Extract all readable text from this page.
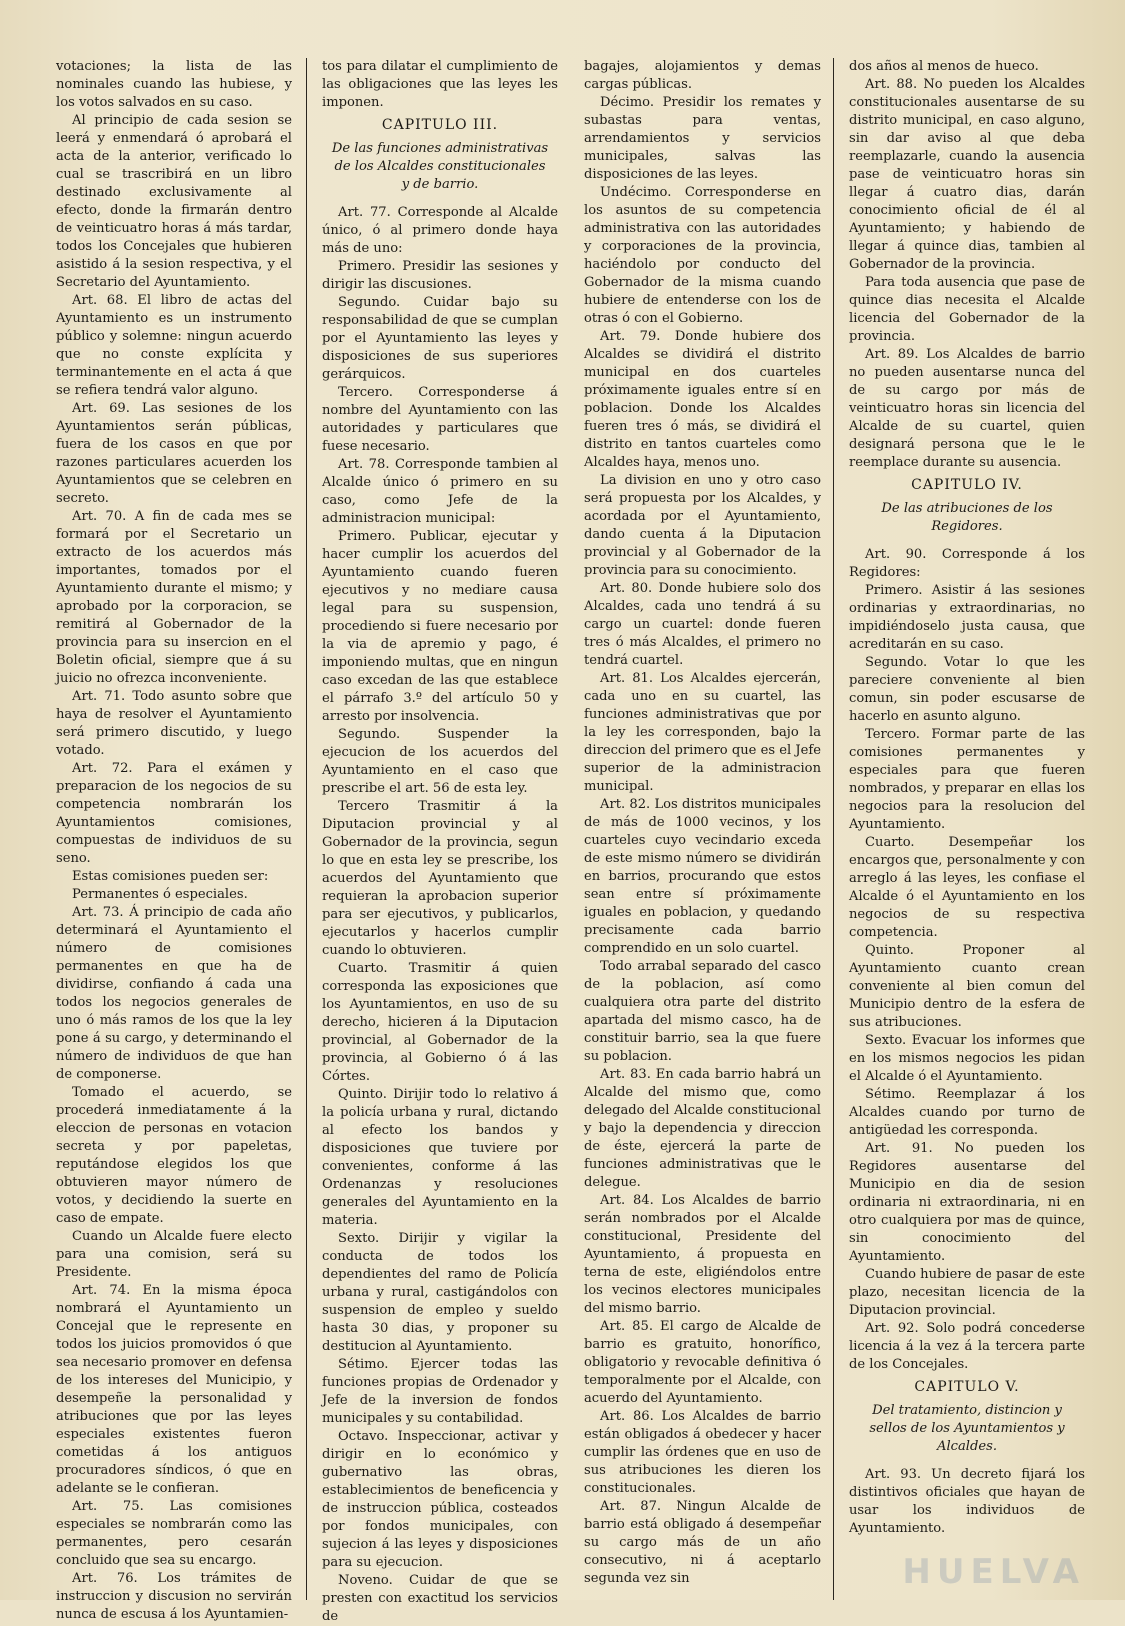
votaciones; la lista de las nominales cuando las hubiese, y los votos salvados en su caso.

Al principio de cada sesion se leerá y enmendará ó aprobará el acta de la anterior, verificado lo cual se trascribirá en un libro destinado exclusivamente al efecto, donde la firmarán dentro de veinticuatro horas á más tardar, todos los Concejales que hubieren asistido á la sesion respectiva, y el Secretario del Ayuntamiento.

Art. 68. El libro de actas del Ayuntamiento es un instrumento público y solemne: ningun acuerdo que no conste explícita y terminantemente en el acta á que se refiera tendrá valor alguno.

Art. 69. Las sesiones de los Ayuntamientos serán públicas, fuera de los casos en que por razones particulares acuerden los Ayuntamientos que se celebren en secreto.

Art. 70. A fin de cada mes se formará por el Secretario un extracto de los acuerdos más importantes, tomados por el Ayuntamiento durante el mismo; y aprobado por la corporacion, se remitirá al Gobernador de la provincia para su insercion en el Boletin oficial, siempre que á su juicio no ofrezca inconveniente.

Art. 71. Todo asunto sobre que haya de resolver el Ayuntamiento será primero discutido, y luego votado.

Art. 72. Para el exámen y preparacion de los negocios de su competencia nombrarán los Ayuntamientos comisiones, compuestas de individuos de su seno.

Estas comisiones pueden ser:

Permanentes ó especiales.

Art. 73. Á principio de cada año determinará el Ayuntamiento el número de comisiones permanentes en que ha de dividirse, confiando á cada una todos los negocios generales de uno ó más ramos de los que la ley pone á su cargo, y determinando el número de individuos de que han de componerse.

Tomado el acuerdo, se procederá inmediatamente á la eleccion de personas en votacion secreta y por papeletas, reputándose elegidos los que obtuvieren mayor número de votos, y decidiendo la suerte en caso de empate.

Cuando un Alcalde fuere electo para una comision, será su Presidente.

Art. 74. En la misma época nombrará el Ayuntamiento un Concejal que le represente en todos los juicios promovidos ó que sea necesario promover en defensa de los intereses del Municipio, y desempeñe la personalidad y atribuciones que por las leyes especiales existentes fueron cometidas á los antiguos procuradores síndicos, ó que en adelante se le confieran.

Art. 75. Las comisiones especiales se nombrarán como las permanentes, pero cesarán concluido que sea su encargo.

Art. 76. Los trámites de instruccion y discusion no servirán nunca de escusa á los Ayuntamien-

tos para dilatar el cumplimiento de las obligaciones que las leyes les imponen.

CAPITULO III.

De las funciones administrativas de los Alcaldes constitucionales y de barrio.

Art. 77. Corresponde al Alcalde único, ó al primero donde haya más de uno:

Primero. Presidir las sesiones y dirigir las discusiones.

Segundo. Cuidar bajo su responsabilidad de que se cumplan por el Ayuntamiento las leyes y disposiciones de sus superiores gerárquicos.

Tercero. Corresponderse á nombre del Ayuntamiento con las autoridades y particulares que fuese necesario.

Art. 78. Corresponde tambien al Alcalde único ó primero en su caso, como Jefe de la administracion municipal:

Primero. Publicar, ejecutar y hacer cumplir los acuerdos del Ayuntamiento cuando fueren ejecutivos y no mediare causa legal para su suspension, procediendo si fuere necesario por la via de apremio y pago, é imponiendo multas, que en ningun caso excedan de las que establece el párrafo 3.º del artículo 50 y arresto por insolvencia.

Segundo. Suspender la ejecucion de los acuerdos del Ayuntamiento en el caso que prescribe el art. 56 de esta ley.

Tercero Trasmitir á la Diputacion provincial y al Gobernador de la provincia, segun lo que en esta ley se prescribe, los acuerdos del Ayuntamiento que requieran la aprobacion superior para ser ejecutivos, y publicarlos, ejecutarlos y hacerlos cumplir cuando lo obtuvieren.

Cuarto. Trasmitir á quien corresponda las exposiciones que los Ayuntamientos, en uso de su derecho, hicieren á la Diputacion provincial, al Gobernador de la provincia, al Gobierno ó á las Córtes.

Quinto. Dirijir todo lo relativo á la policía urbana y rural, dictando al efecto los bandos y disposiciones que tuviere por convenientes, conforme á las Ordenanzas y resoluciones generales del Ayuntamiento en la materia.

Sexto. Dirijir y vigilar la conducta de todos los dependientes del ramo de Policía urbana y rural, castigándolos con suspension de empleo y sueldo hasta 30 dias, y proponer su destitucion al Ayuntamiento.

Sétimo. Ejercer todas las funciones propias de Ordenador y Jefe de la inversion de fondos municipales y su contabilidad.

Octavo. Inspeccionar, activar y dirigir en lo económico y gubernativo las obras, establecimientos de beneficencia y de instruccion pública, costeados por fondos municipales, con sujecion á las leyes y disposiciones para su ejecucion.

Noveno. Cuidar de que se presten con exactitud los servicios de

bagajes, alojamientos y demas cargas públicas.

Décimo. Presidir los remates y subastas para ventas, arrendamientos y servicios municipales, salvas las disposiciones de las leyes.

Undécimo. Corresponderse en los asuntos de su competencia administrativa con las autoridades y corporaciones de la provincia, haciéndolo por conducto del Gobernador de la misma cuando hubiere de entenderse con los de otras ó con el Gobierno.

Art. 79. Donde hubiere dos Alcaldes se dividirá el distrito municipal en dos cuarteles próximamente iguales entre sí en poblacion. Donde los Alcaldes fueren tres ó más, se dividirá el distrito en tantos cuarteles como Alcaldes haya, menos uno.

La division en uno y otro caso será propuesta por los Alcaldes, y acordada por el Ayuntamiento, dando cuenta á la Diputacion provincial y al Gobernador de la provincia para su conocimiento.

Art. 80. Donde hubiere solo dos Alcaldes, cada uno tendrá á su cargo un cuartel: donde fueren tres ó más Alcaldes, el primero no tendrá cuartel.

Art. 81. Los Alcaldes ejercerán, cada uno en su cuartel, las funciones administrativas que por la ley les corresponden, bajo la direccion del primero que es el Jefe superior de la administracion municipal.

Art. 82. Los distritos municipales de más de 1000 vecinos, y los cuarteles cuyo vecindario exceda de este mismo número se dividirán en barrios, procurando que estos sean entre sí próximamente iguales en poblacion, y quedando precisamente cada barrio comprendido en un solo cuartel.

Todo arrabal separado del casco de la poblacion, así como cualquiera otra parte del distrito apartada del mismo casco, ha de constituir barrio, sea la que fuere su poblacion.

Art. 83. En cada barrio habrá un Alcalde del mismo que, como delegado del Alcalde constitucional y bajo la dependencia y direccion de éste, ejercerá la parte de funciones administrativas que le delegue.

Art. 84. Los Alcaldes de barrio serán nombrados por el Alcalde constitucional, Presidente del Ayuntamiento, á propuesta en terna de este, eligiéndolos entre los vecinos electores municipales del mismo barrio.

Art. 85. El cargo de Alcalde de barrio es gratuito, honorífico, obligatorio y revocable definitiva ó temporalmente por el Alcalde, con acuerdo del Ayuntamiento.

Art. 86. Los Alcaldes de barrio están obligados á obedecer y hacer cumplir las órdenes que en uso de sus atribuciones les dieren los constitucionales.

Art. 87. Ningun Alcalde de barrio está obligado á desempeñar su cargo más de un año consecutivo, ni á aceptarlo segunda vez sin

dos años al menos de hueco.

Art. 88. No pueden los Alcaldes constitucionales ausentarse de su distrito municipal, en caso alguno, sin dar aviso al que deba reemplazarle, cuando la ausencia pase de veinticuatro horas sin llegar á cuatro dias, darán conocimiento oficial de él al Ayuntamiento; y habiendo de llegar á quince dias, tambien al Gobernador de la provincia.

Para toda ausencia que pase de quince dias necesita el Alcalde licencia del Gobernador de la provincia.

Art. 89. Los Alcaldes de barrio no pueden ausentarse nunca del de su cargo por más de veinticuatro horas sin licencia del Alcalde de su cuartel, quien designará persona que le le reemplace durante su ausencia.

CAPITULO IV.

De las atribuciones de los Regidores.

Art. 90. Corresponde á los Regidores:

Primero. Asistir á las sesiones ordinarias y extraordinarias, no impidiéndoselo justa causa, que acreditarán en su caso.

Segundo. Votar lo que les pareciere conveniente al bien comun, sin poder escusarse de hacerlo en asunto alguno.

Tercero. Formar parte de las comisiones permanentes y especiales para que fueren nombrados, y preparar en ellas los negocios para la resolucion del Ayuntamiento.

Cuarto. Desempeñar los encargos que, personalmente y con arreglo á las leyes, les confiase el Alcalde ó el Ayuntamiento en los negocios de su respectiva competencia.

Quinto. Proponer al Ayuntamiento cuanto crean conveniente al bien comun del Municipio dentro de la esfera de sus atribuciones.

Sexto. Evacuar los informes que en los mismos negocios les pidan el Alcalde ó el Ayuntamiento.

Sétimo. Reemplazar á los Alcaldes cuando por turno de antigüedad les corresponda.

Art. 91. No pueden los Regidores ausentarse del Municipio en dia de sesion ordinaria ni extraordinaria, ni en otro cualquiera por mas de quince, sin conocimiento del Ayuntamiento.

Cuando hubiere de pasar de este plazo, necesitan licencia de la Diputacion provincial.

Art. 92. Solo podrá concederse licencia á la vez á la tercera parte de los Concejales.

CAPITULO V.

Del tratamiento, distincion y sellos de los Ayuntamientos y Alcaldes.

Art. 93. Un decreto fijará los distintivos oficiales que hayan de usar los individuos de Ayuntamiento.

HUELVA
